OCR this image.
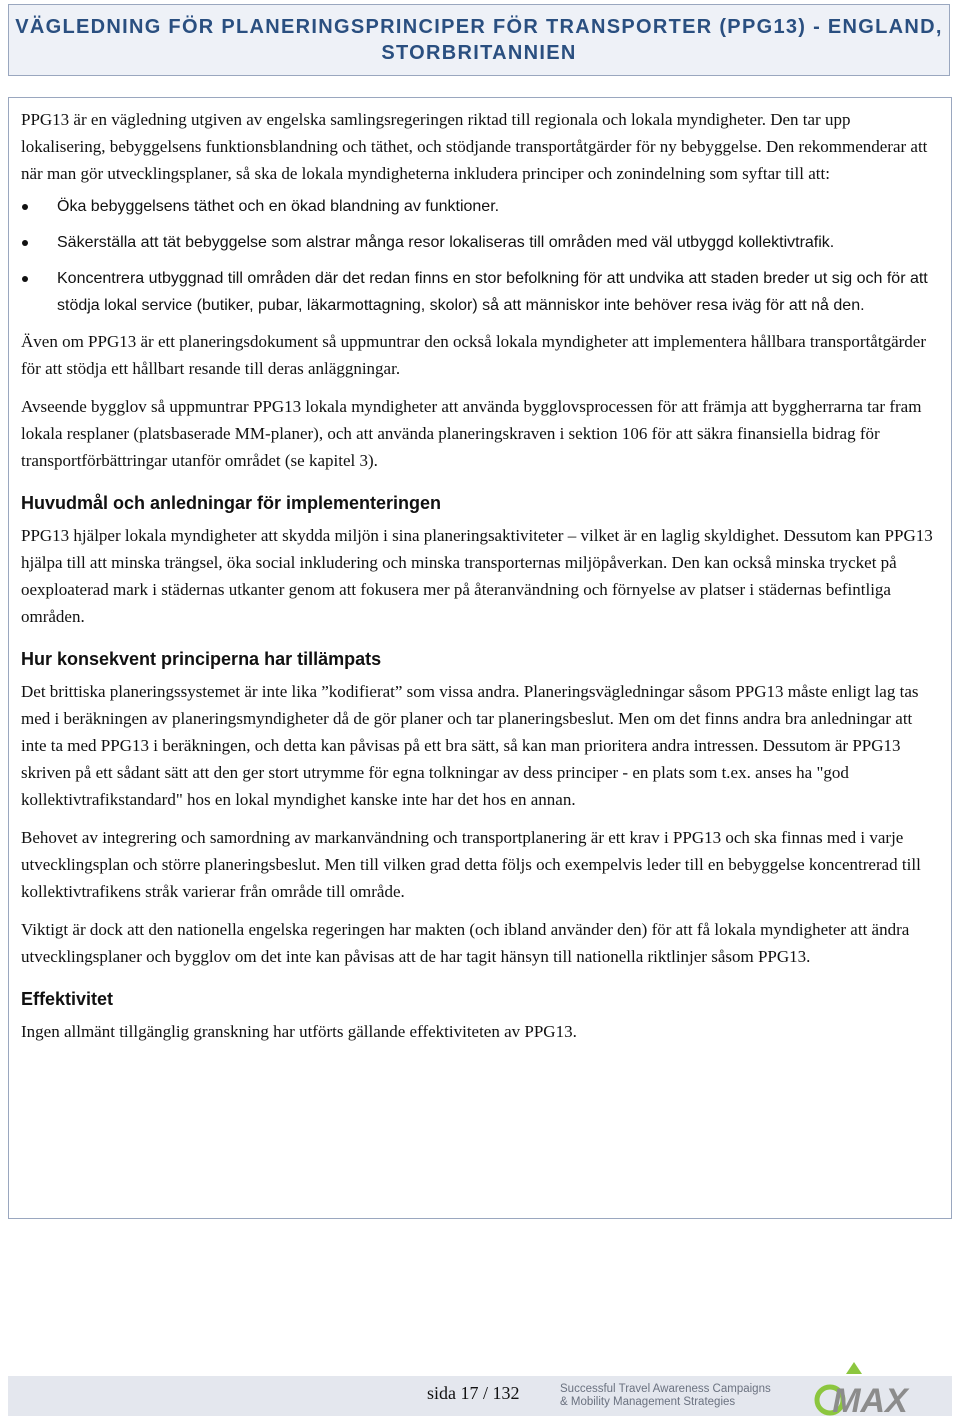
VÄGLEDNING FÖR PLANERINGSPRINCIPER FÖR TRANSPORTER (PPG13) - ENGLAND, STORBRITANNIEN

PPG13 är en vägledning utgiven av engelska samlingsregeringen riktad till regionala och lokala myndigheter. Den tar upp lokalisering, bebyggelsens funktionsblandning och täthet, och stödjande transportåtgärder för ny bebyggelse. Den rekommenderar att när man gör utvecklingsplaner, så ska de lokala myndigheterna inkludera principer och zonindelning som syftar till att:

Öka bebyggelsens täthet och en ökad blandning av funktioner.

Säkerställa att tät bebyggelse som alstrar många resor lokaliseras till områden med väl utbyggd kollektivtrafik.

Koncentrera utbyggnad till områden där det redan finns en stor befolkning för att undvika att staden breder ut sig och för att stödja lokal service (butiker, pubar, läkarmottagning, skolor) så att människor inte behöver resa iväg för att nå den.

Även om PPG13 är ett planeringsdokument så uppmuntrar den också lokala myndigheter att implementera hållbara transportåtgärder för att stödja ett hållbart resande till deras anläggningar.

Avseende bygglov så uppmuntrar PPG13 lokala myndigheter att använda bygglovsprocessen för att främja att byggherrarna tar fram lokala resplaner (platsbaserade MM-planer), och att använda planeringskraven i sektion 106 för att säkra finansiella bidrag för transportförbättringar utanför området (se kapitel 3).

Huvudmål och anledningar för implementeringen

PPG13 hjälper lokala myndigheter att skydda miljön i sina planeringsaktiviteter – vilket är en laglig skyldighet. Dessutom kan PPG13 hjälpa till att minska trängsel, öka social inkludering och minska transporternas miljöpåverkan. Den kan också minska trycket på oexploaterad mark i städernas utkanter genom att fokusera mer på återanvändning och förnyelse av platser i städernas befintliga områden.

Hur konsekvent principerna har tillämpats

Det brittiska planeringssystemet är inte lika ”kodifierat” som vissa andra. Planeringsvägledningar såsom PPG13 måste enligt lag tas med i beräkningen av planeringsmyndigheter då de gör planer och tar planeringsbeslut. Men om det finns andra bra anledningar att inte ta med PPG13 i beräkningen, och detta kan påvisas på ett bra sätt, så kan man prioritera andra intressen. Dessutom är PPG13 skriven på ett sådant sätt att den ger stort utrymme för egna tolkningar av dess principer - en plats som t.ex. anses ha "god kollektivtrafikstandard" hos en lokal myndighet kanske inte har det hos en annan.

Behovet av integrering och samordning av markanvändning och transportplanering är ett krav i PPG13 och ska finnas med i varje utvecklingsplan och större planeringsbeslut. Men till vilken grad detta följs och exempelvis leder till en bebyggelse koncentrerad till kollektivtrafikens stråk varierar från område till område.

Viktigt är dock att den nationella engelska regeringen har makten (och ibland använder den) för att få lokala myndigheter att ändra utvecklingsplaner och bygglov om det inte kan påvisas att de har tagit hänsyn till nationella riktlinjer såsom PPG13.

Effektivitet

Ingen allmänt tillgänglig granskning har utförts gällande effektiviteten av PPG13.

sida 17 / 132	Successful Travel Awareness Campaigns
& Mobility Management Strategies	MAX
